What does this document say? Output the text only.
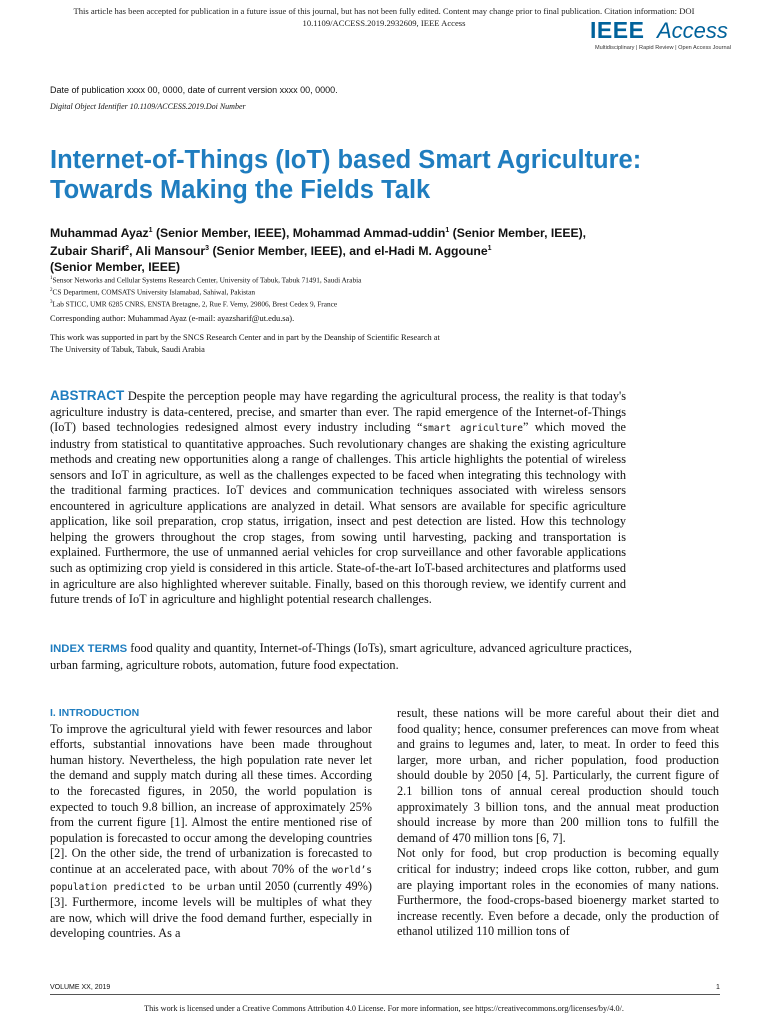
This article has been accepted for publication in a future issue of this journal, but has not been fully edited. Content may change prior to final publication. Citation information: DOI
10.1109/ACCESS.2019.2932609, IEEE Access	IEEE Access
Multidisciplinary | Rapid Review | Open Access Journal
Date of publication xxxx 00, 0000, date of current version xxxx 00, 0000.
Digital Object Identifier 10.1109/ACCESS.2019.Doi Number
Internet-of-Things (IoT) based Smart Agriculture:
Towards Making the Fields Talk
Muhammad Ayaz$^1$ (Senior Member, IEEE), Mohammad Ammad-uddin$^1$ (Senior Member, IEEE), Zubair Sharif$^2$, Ali Mansour$^3$ (Senior Member, IEEE), and el-Hadi M. Aggoune$^1$
(Senior Member, IEEE)
$^1$Sensor Networks and Cellular Systems Research Center, University of Tabuk, Tabuk 71491, Saudi Arabia
$^2$CS Department, COMSATS University Islamabad, Sahiwal, Pakistan
$^3$Lab STICC, UMR 6285 CNRS, ENSTA Bretagne, 2, Rue F. Verny, 29806, Brest Cedex 9, France
Corresponding author: Muhammad Ayaz (e-mail: ayazsharif@ut.edu.sa).
This work was supported in part by the SNCS Research Center and in part by the Deanship of Scientific Research at
The University of Tabuk, Tabuk, Saudi Arabia
ABSTRACT Despite the perception people may have regarding the agricultural process, the reality is that today's agriculture industry is data-centered, precise, and smarter than ever. The rapid emergence of the Internet-of-Things (IoT) based technologies redesigned almost every industry including “smart agriculture” which moved the industry from statistical to quantitative approaches. Such revolutionary changes are shaking the existing agriculture methods and creating new opportunities along a range of challenges. This article highlights the potential of wireless sensors and IoT in agriculture, as well as the challenges expected to be faced when integrating this technology with the traditional farming practices. IoT devices and communication techniques associated with wireless sensors encountered in agriculture applications are analyzed in detail. What sensors are available for specific agriculture application, like soil preparation, crop status, irrigation, insect and pest detection are listed. How this technology helping the growers throughout the crop stages, from sowing until harvesting, packing and transportation is explained. Furthermore, the use of unmanned aerial vehicles for crop surveillance and other favorable applications such as optimizing crop yield is considered in this article. State-of-the-art IoT-based architectures and platforms used in agriculture are also highlighted wherever suitable. Finally, based on this thorough review, we identify current and future trends of IoT in agriculture and highlight potential research challenges.
INDEX TERMS food quality and quantity, Internet-of-Things (IoTs), smart agriculture, advanced agriculture practices, urban farming, agriculture robots, automation, future food expectation.

I. INTRODUCTION

To improve the agricultural yield with fewer resources and labor efforts, substantial innovations have been made throughout human history. Nevertheless, the high population rate never let the demand and supply match during all these times. According to the forecasted figures, in 2050, the world population is expected to touch 9.8 billion, an increase of approximately 25% from the current figure [1]. Almost the entire mentioned rise of population is forecasted to occur among the developing countries [2]. On the other side, the trend of urbanization is forecasted to continue at an accelerated pace, with about 70% of the world’s population predicted to be urban until 2050 (currently 49%) [3]. Furthermore, income levels will be multiples of what they are now, which will drive the food demand further, especially in developing countries. As a

result, these nations will be more careful about their diet and food quality; hence, consumer preferences can move from wheat and grains to legumes and, later, to meat. In order to feed this larger, more urban, and richer population, food production should double by 2050 [4, 5]. Particularly, the current figure of 2.1 billion tons of annual cereal production should touch approximately 3 billion tons, and the annual meat production should increase by more than 200 million tons to fulfill the demand of 470 million tons [6, 7].

Not only for food, but crop production is becoming equally critical for industry; indeed crops like cotton, rubber, and gum are playing important roles in the economies of many nations. Furthermore, the food-crops-based bioenergy market started to increase recently. Even before a decade, only the production of ethanol utilized 110 million tons of

VOLUME XX, 2019	1
This work is licensed under a Creative Commons Attribution 4.0 License. For more information, see https://creativecommons.org/licenses/by/4.0/.
